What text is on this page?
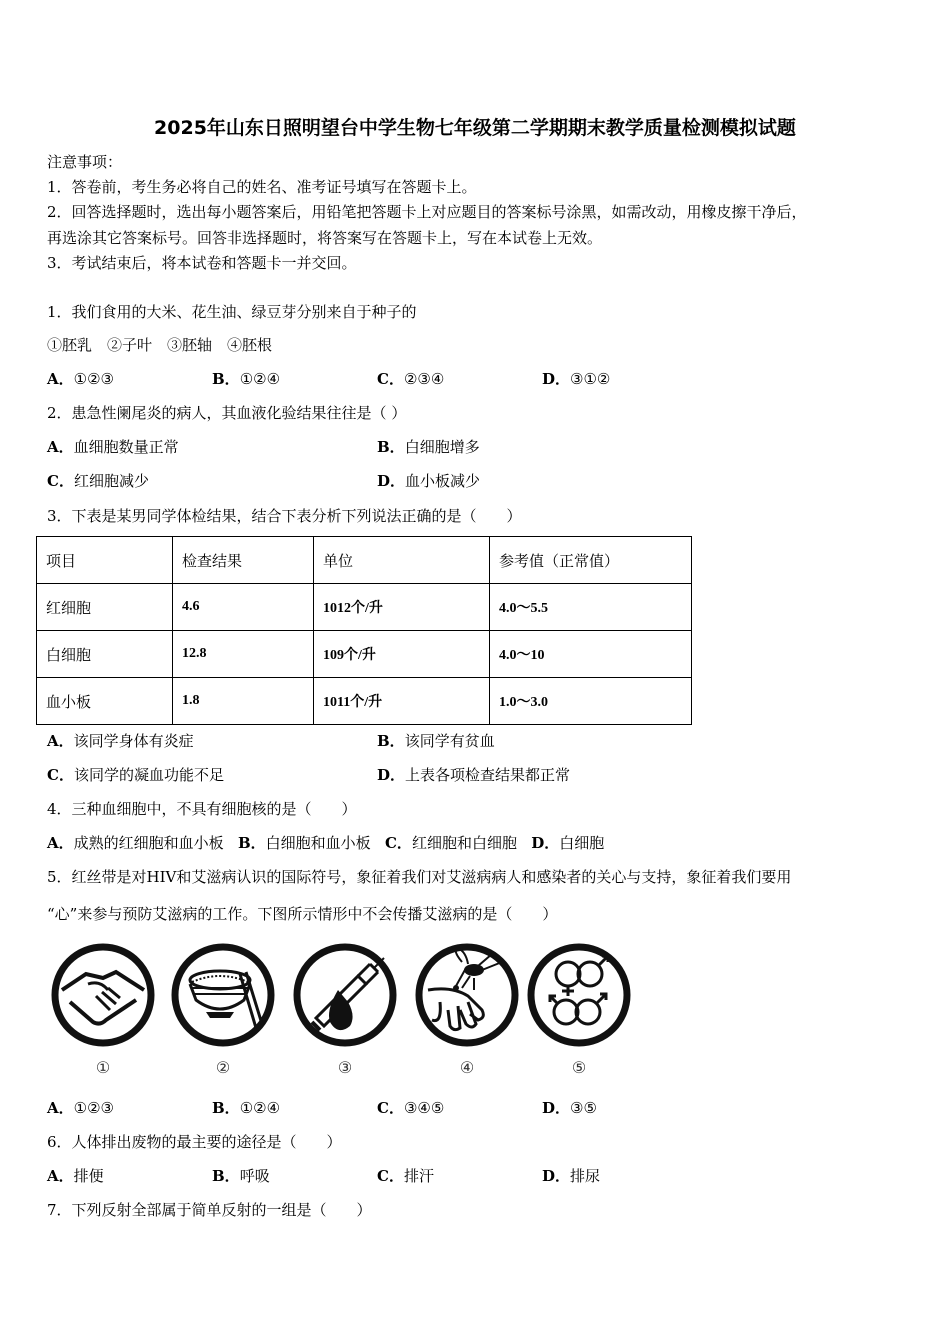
2025年山东日照明望台中学生物七年级第二学期期末教学质量检测模拟试题
注意事项：
1．答卷前，考生务必将自己的姓名、准考证号填写在答题卡上。
2．回答选择题时，选出每小题答案后，用铅笔把答题卡上对应题目的答案标号涂黑，如需改动，用橡皮擦干净后，
再选涂其它答案标号。回答非选择题时，将答案写在答题卡上，写在本试卷上无效。
3．考试结束后，将本试卷和答题卡一并交回。
1．我们食用的大米、花生油、绿豆芽分别来自于种子的
①胚乳　②子叶　③胚轴　④胚根
A．①②③	B．①②④	C．②③④	D．③①②
2．患急性阑尾炎的病人，其血液化验结果往往是（ ）
A．血细胞数量正常	B．白细胞增多
C．红细胞减少	D．血小板减少
3．下表是某男同学体检结果，结合下表分析下列说法正确的是（　　）
项目	检查结果	单位	参考值（正常值）
红细胞	4.6	1012个/升	4.0～5.5
白细胞	12.8	109个/升	4.0～10
血小板	1.8	1011个/升	1.0～3.0
A．该同学身体有炎症	B．该同学有贫血
C．该同学的凝血功能不足	D．上表各项检查结果都正常
4．三种血细胞中，不具有细胞核的是（　　）
A．成熟的红细胞和血小板 B．白细胞和血小板 C．红细胞和白细胞 D．白细胞
5．红丝带是对HIV和艾滋病认识的国际符号，象征着我们对艾滋病病人和感染者的关心与支持，象征着我们要用
“心”来参与预防艾滋病的工作。下图所示情形中不会传播艾滋病的是（　　）
①	②	③	④	⑤
A．①②③	B．①②④	C．③④⑤	D．③⑤
6．人体排出废物的最主要的途径是（　　）
A．排便	B．呼吸	C．排汗	D．排尿
7．下列反射全部属于简单反射的一组是（　　）
